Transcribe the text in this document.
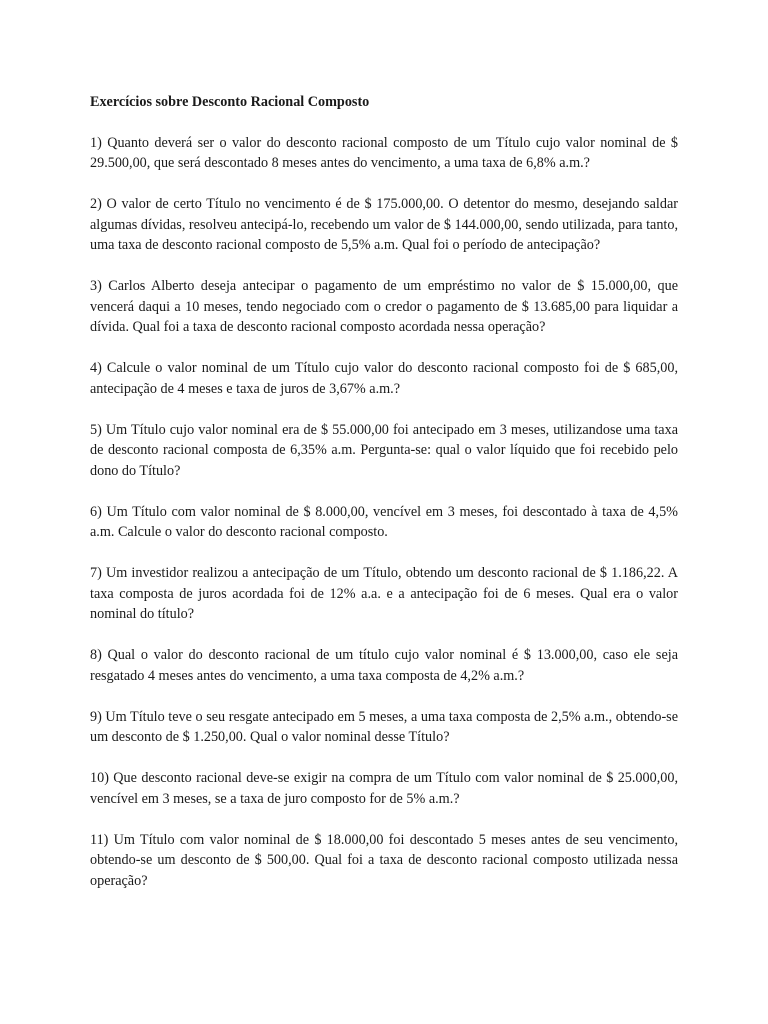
Exercícios sobre Desconto Racional Composto

1) Quanto deverá ser o valor do desconto racional composto de um Título cujo valor nominal de $ 29.500,00, que será descontado 8 meses antes do vencimento, a uma taxa de 6,8% a.m.?

2) O valor de certo Título no vencimento é de $ 175.000,00. O detentor do mesmo, desejando saldar algumas dívidas, resolveu antecipá-lo, recebendo um valor de $ 144.000,00, sendo utilizada, para tanto, uma taxa de desconto racional composto de 5,5% a.m. Qual foi o período de antecipação?

3) Carlos Alberto deseja antecipar o pagamento de um empréstimo no valor de $ 15.000,00, que vencerá daqui a 10 meses, tendo negociado com o credor o pagamento de $ 13.685,00 para liquidar a dívida. Qual foi a taxa de desconto racional composto acordada nessa operação?

4) Calcule o valor nominal de um Título cujo valor do desconto racional composto foi de $ 685,00, antecipação de 4 meses e taxa de juros de 3,67% a.m.?

5) Um Título cujo valor nominal era de $ 55.000,00 foi antecipado em 3 meses, utilizandose uma taxa de desconto racional composta de 6,35% a.m. Pergunta-se: qual o valor líquido que foi recebido pelo dono do Título?

6) Um Título com valor nominal de $ 8.000,00, vencível em 3 meses, foi descontado à taxa de 4,5% a.m. Calcule o valor do desconto racional composto.

7) Um investidor realizou a antecipação de um Título, obtendo um desconto racional de $ 1.186,22. A taxa composta de juros acordada foi de 12% a.a. e a antecipação foi de 6 meses. Qual era o valor nominal do título?

8) Qual o valor do desconto racional de um título cujo valor nominal é $ 13.000,00, caso ele seja resgatado 4 meses antes do vencimento, a uma taxa composta de 4,2% a.m.?

9) Um Título teve o seu resgate antecipado em 5 meses, a uma taxa composta de 2,5% a.m., obtendo-se um desconto de $ 1.250,00. Qual o valor nominal desse Título?

10) Que desconto racional deve-se exigir na compra de um Título com valor nominal de $ 25.000,00, vencível em 3 meses, se a taxa de juro composto for de 5% a.m.?

11) Um Título com valor nominal de $ 18.000,00 foi descontado 5 meses antes de seu vencimento, obtendo-se um desconto de $ 500,00. Qual foi a taxa de desconto racional composto utilizada nessa operação?
